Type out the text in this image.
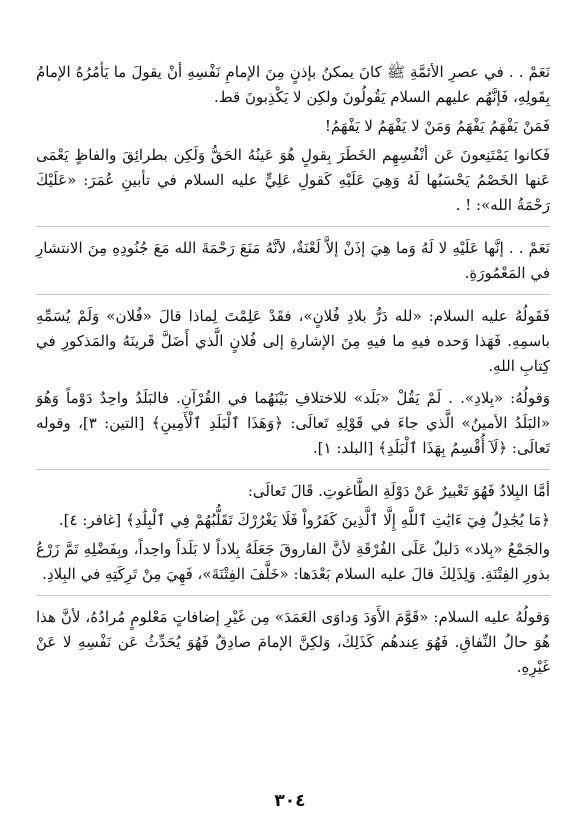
نَعَمْ . . في عصرِ الأئمَّةِ ﷺ كانَ يمكنُ بإذنٍ مِنَ الإمامِ نَفْسِهِ أنْ يقولَ ما يَأمُرُهُ الإمامُ بِقَولِهِ، فَإنَّهُم عليهم السلام يَقُولُونَ ولكِن لا يَكْذِبونَ قط.

فَمَنْ يَفْهَمُ يَفْهَمُ وَمَنْ لا يَفْهَمُ لا يَفْهَمُ!

فَكانوا يَمْتَنِعونَ عَن أنْفُسِهِم الخَطَرَ بِقولٍ هُوَ عَينُهُ الحَقُّ وَلَكِن بطرائِقَ والفاظٍ يَعْمَى عَنها الخَصْمُ يَحْسَبُها لَهُ وَهِيَ عَلَيْهِ كَقولِ عَلِيٍّ عليه السلام في تأبينِ عُمَرَ: «عَلَيْكَ رَحْمَةُ الله»: ! .

نَعَمْ . . إنَّها عَلَيْهِ لا لَهُ وَما هِيَ إذَنْ إلاَّ لَعْنَةٌ، لأنَّهُ مَنَعَ رَحْمَةَ الله مَعَ جُنُودِهِ مِنَ الانتشارِ في المَعْمُورَةِ.

فَقَولُهُ عليه السلام: «لله دَرُّ بلادِ فُلانٍ»، فقَدْ عَلِمْتَ لِماذا قالَ «فُلان» وَلَمْ يُسَمِّهِ باسمِهِ. فَهَذا وَحده فيهِ ما فيهِ مِنَ الإشارةِ إلى فُلانٍ الَّذي أَضَلَّ قَرينَهُ والمَذكورِ في كِتابِ اللهِ.

وَقولُهُ: «بِلادِ». . لَمْ يَقُلْ «بَلَد» للاختلافِ بَيْنَهُما في القُرْآنِ. فالبَلَدُ واحِدٌ دَوْماً وَهُوَ «البَلَدُ الأمينُ» الَّذي جاءَ في قَوْلِهِ تَعالَى: ﴿وَهَذَا ٱلْبَلَدِ ٱلْأَمِينِ﴾ [التين: ٣]، وقوله تَعالَى: ﴿لَآ أُقْسِمُ بِهَذَا ٱلْبَلَدِ﴾ [البلد: ١].

أمَّا البِلادُ فَهُوَ تَعْبيرٌ عَنْ دَوْلَةِ الطَّاغوتِ. قَالَ تَعالَى:

﴿مَا يُجَٰدِلُ فِيٓ ءَايَٰتِ ٱللَّهِ إِلَّا ٱلَّذِينَ كَفَرُواْ فَلَا يَغْرُرْكَ تَقَلُّبُهُمْ فِي ٱلْبِلَٰدِ﴾ [غافر: ٤].

والجَمْعُ «بِلاد» دَليلٌ عَلَى الفُرْقَةِ لأنَّ الفاروقَ جَعَلَهُ بِلاداً لا بَلَداً واحِداً، وبِفَضْلِهِ تَمَّ زَرْعُ بذورِ الفِتْنَةِ. وَلِذَلِكَ قالَ عليه السلام بَعْدَها: «خَلَّفَ الفِتْنَةَ»، فَهِيَ مِنْ تَرِكَتِهِ في البِلادِ.

وَقولُهُ عليه السلام: «قَوَّمَ الأَوَدَ وَداوَى العَمَدَ» مِن غَيْرِ إضافاتٍ مَعْلومٍ مُرادُهُ، لأنَّ هذا هُوَ حالُ النِّفاقِ. فَهُوَ عِندهُم كَذَلِكَ، وَلكِنَّ الإمامَ صادِقٌ فَهُوَ يُحَدِّثُ عَن نَفْسِهِ لا عَنْ غَيْرِهِ.

٣٠٤
